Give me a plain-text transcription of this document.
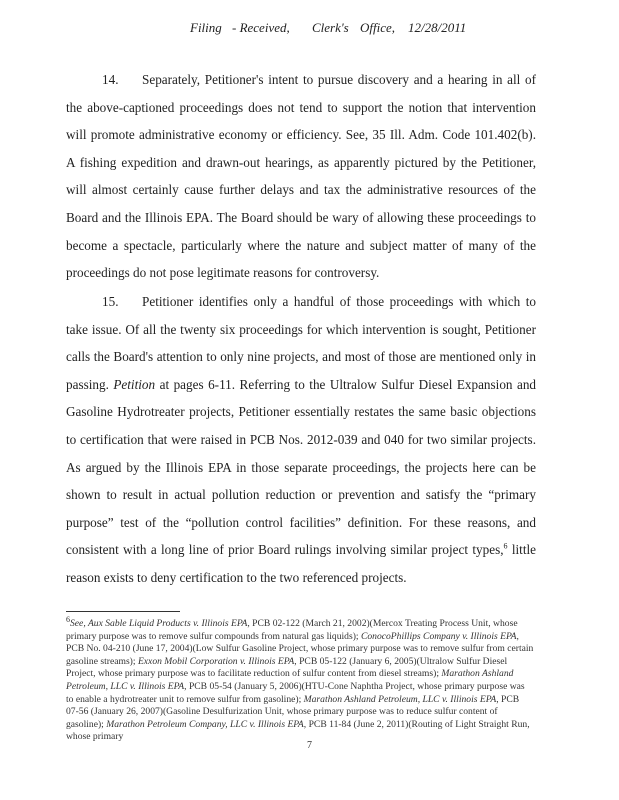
Filing - Received, Clerk's Office, 12/28/2011

14. Separately, Petitioner's intent to pursue discovery and a hearing in all of the above-captioned proceedings does not tend to support the notion that intervention will promote administrative economy or efficiency. See, 35 Ill. Adm. Code 101.402(b). A fishing expedition and drawn-out hearings, as apparently pictured by the Petitioner, will almost certainly cause further delays and tax the administrative resources of the Board and the Illinois EPA. The Board should be wary of allowing these proceedings to become a spectacle, particularly where the nature and subject matter of many of the proceedings do not pose legitimate reasons for controversy.

15. Petitioner identifies only a handful of those proceedings with which to take issue. Of all the twenty six proceedings for which intervention is sought, Petitioner calls the Board's attention to only nine projects, and most of those are mentioned only in passing. Petition at pages 6-11. Referring to the Ultralow Sulfur Diesel Expansion and Gasoline Hydrotreater projects, Petitioner essentially restates the same basic objections to certification that were raised in PCB Nos. 2012-039 and 040 for two similar projects. As argued by the Illinois EPA in those separate proceedings, the projects here can be shown to result in actual pollution reduction or prevention and satisfy the “primary purpose” test of the “pollution control facilities” definition. For these reasons, and consistent with a long line of prior Board rulings involving similar project types,$^6$ little reason exists to deny certification to the two referenced projects.

$^6$See, Aux Sable Liquid Products v. Illinois EPA, PCB 02-122 (March 21, 2002)(Mercox Treating Process Unit, whose primary purpose was to remove sulfur compounds from natural gas liquids); ConocoPhillips Company v. Illinois EPA, PCB No. 04-210 (June 17, 2004)(Low Sulfur Gasoline Project, whose primary purpose was to remove sulfur from certain gasoline streams); Exxon Mobil Corporation v. Illinois EPA, PCB 05-122 (January 6, 2005)(Ultralow Sulfur Diesel Project, whose primary purpose was to facilitate reduction of sulfur content from diesel streams); Marathon Ashland Petroleum, LLC v. Illinois EPA, PCB 05-54 (January 5, 2006)(HTU-Cone Naphtha Project, whose primary purpose was to enable a hydrotreater unit to remove sulfur from gasoline); Marathon Ashland Petroleum, LLC v. Illinois EPA, PCB 07-56 (January 26, 2007)(Gasoline Desulfurization Unit, whose primary purpose was to reduce sulfur content of gasoline); Marathon Petroleum Company, LLC v. Illinois EPA, PCB 11-84 (June 2, 2011)(Routing of Light Straight Run, whose primary

7
